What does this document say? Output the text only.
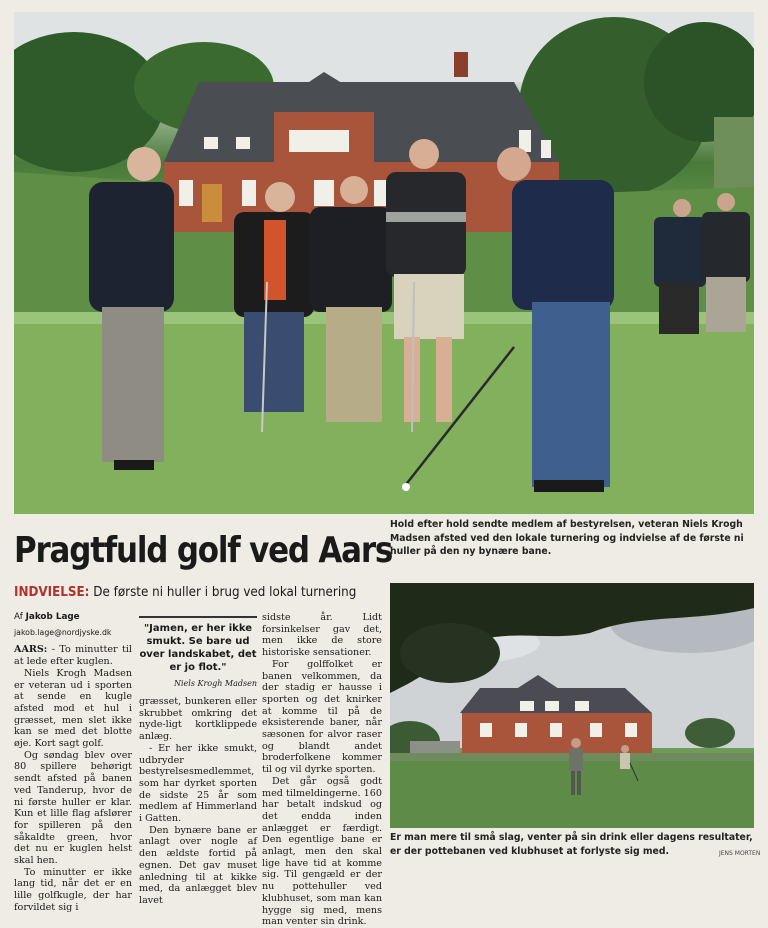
Hold efter hold sendte medlem af bestyrelsen, veteran Niels Krogh Madsen afsted ved den lokale turnering og indvielse af de første ni huller på den ny bynære bane.
Pragtfuld golf ved Aars
INDVIELSE: De første ni huller i brug ved lokal turnering
Af Jakob Lage
jakob.lage@nordjyske.dk

AARS: - To minutter til at lede efter kuglen.

Niels Krogh Madsen er veteran ud i sporten at sende en kugle afsted mod et hul i græsset, men slet ikke kan se med det blotte øje. Kort sagt golf.

Og søndag blev over 80 spillere behørigt sendt afsted på banen ved Tanderup, hvor de ni første huller er klar. Kun et lille flag afslører for spilleren på den såkaldte green, hvor det nu er kuglen helst skal hen.

To minutter er ikke lang tid, når det er en lille golfkugle, der har forvildet sig i

"Jamen, er her ikke smukt. Se bare ud over landskabet, det er jo flot."
Niels Krogh Madsen

græsset, bunkeren eller skrubbet omkring det nyde-ligt kortklippede anlæg.

- Er her ikke smukt, udbryder bestyrelsesmedlemmet, som har dyrket sporten de sidste 25 år som medlem af Himmerland i Gatten.

Den bynære bane er anlagt over nogle af den ældste fortid på egnen. Det gav muset anledning til at kikke med, da anlægget blev lavet

sidste år. Lidt forsinkelser gav det, men ikke de store historiske sensationer.

For golffolket er banen velkommen, da der stadig er hausse i sporten og det knirker at komme til på de eksisterende baner, når sæsonen for alvor raser og blandt andet broderfolkene kommer til og vil dyrke sporten.

Det går også godt med tilmeldingerne. 160 har betalt indskud og det endda inden anlægget er færdigt. Den egentlige bane er anlagt, men den skal lige have tid at komme sig. Til gengæld er der nu pottehuller ved klubhuset, som man kan hygge sig med, mens man venter sin drink.

Er man mere til små slag, venter på sin drink eller dagens resultater, er der pottebanen ved klubhuset at forlyste sig med.	JENS MORTEN
